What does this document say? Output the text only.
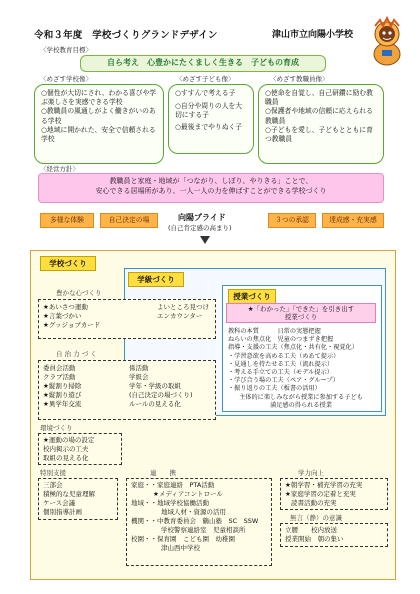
令和３年度　学校づくりグランドデザイン	津山市立向陽小学校
〈学校教育目標〉
自ら考え　心豊かにたくましく生きる　子どもの育成
〈めざす学校像〉
○個性が大切にされ、わかる喜びや学ぶ楽しさを実感できる学校
○教職員の風通しがよく働きがいのある学校
○地域に開かれた、安全で信頼される学校
〈めざす子ども像〉
○すすんで考える子
○自分や周りの人を大切にする子
○最後までやりぬく子
〈めざす教職員像〉
○使命を自覚し、自己研鑽に励む教職員
○保護者や地域の信頼に応えられる教職員
○子どもを愛し、子どもとともに育つ教職員
〈経営方針〉
教職員と家庭・地域が「つながり、しぼり、やりきる」ことで、
安心できる居場所があり、一人一人の力を伸ばすことができる学校づくり
多様な体験	自己決定の場	向陽プライド
(自己肯定感の高まり)
３つの承認	達成感・充実感
学校づくり
学級づくり
授業づくり
★「わかった」「できた」を引き出す
授業づくり
教科の本質　　　日常の実態把握
ねらいの焦点化　児童のつまずき把握
指導・支援の工夫（焦点化・共有化・視覚化）
・学習意欲を高める工夫（めあて提示）
・見通しを持たせる工夫（流れ提示）
・考える手立ての工夫（モデル提示）
・学び合う場の工夫（ペア・グループ）
・振り返りの工夫（板書の活用）
主体的に楽しみながら授業に参加する子ども
満足感の得られる授業
豊かな心づくり
★あいさつ運動
★言葉づかい
★グッジョブカード
よいところ見つけ
エンカウンター
自 治 力 づ く
委員会活動
クラブ活動
★縦割り掃除
★縦割り遊び
★異学年交流
係活動
学級会
学年・学級の取組
(自己決定の場づくり)
ルールの見える化
環境づくり
★運動の場の設定
校内掲示の工夫
取組の見える化
特別支援
三部会
積極的な児童理解
ケース会議
個別指導計画
連　　携
家庭・・家庭連絡　PTA活動
★メディアコントロール
地域・・地域学校協働活動
地域人材・資源の活用
機関・・中教育委員会　鶴山塾　SC　SSW
学校警察連絡室　児童相談所
校園・・保育園　こども園　幼稚園
津山西中学校
学力向上
★朝学習・補充学習の充実
★家庭学習の定着と充実
読書活動の充実
無言（静）の意識
立腰　　校内放送
授業開始　朝の集い
